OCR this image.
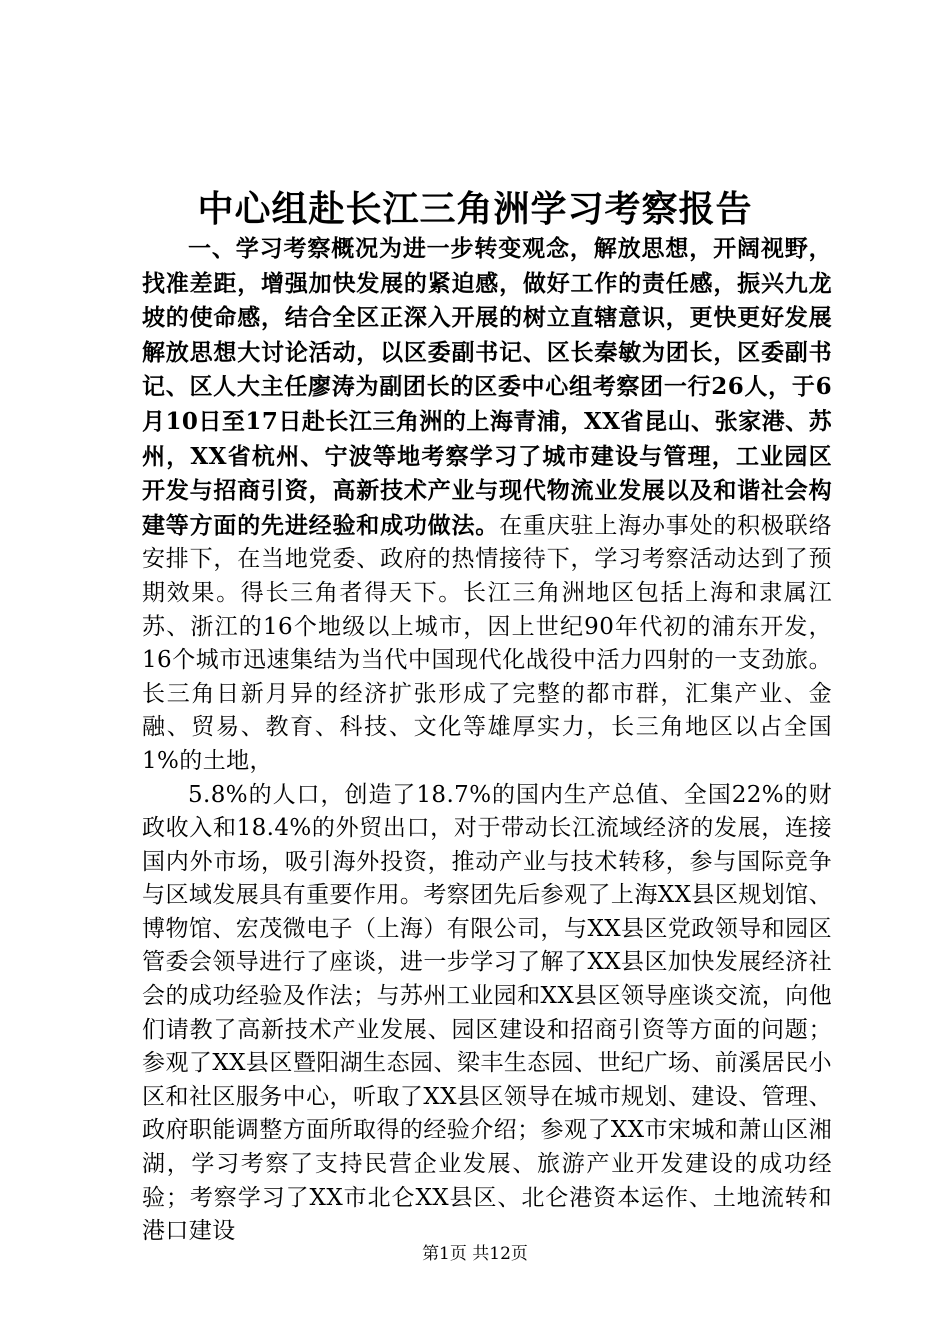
中心组赴长江三角洲学习考察报告

一、学习考察概况为进一步转变观念，解放思想，开阔视野，找准差距，增强加快发展的紧迫感，做好工作的责任感，振兴九龙坡的使命感，结合全区正深入开展的树立直辖意识，更快更好发展解放思想大讨论活动，以区委副书记、区长秦敏为团长，区委副书记、区人大主任廖涛为副团长的区委中心组考察团一行26人，于6月10日至17日赴长江三角洲的上海青浦，XX省昆山、张家港、苏州，XX省杭州、宁波等地考察学习了城市建设与管理，工业园区开发与招商引资，高新技术产业与现代物流业发展以及和谐社会构建等方面的先进经验和成功做法。在重庆驻上海办事处的积极联络安排下，在当地党委、政府的热情接待下，学习考察活动达到了预期效果。得长三角者得天下。长江三角洲地区包括上海和隶属江苏、浙江的16个地级以上城市，因上世纪90年代初的浦东开发，16个城市迅速集结为当代中国现代化战役中活力四射的一支劲旅。长三角日新月异的经济扩张形成了完整的都市群，汇集产业、金融、贸易、教育、科技、文化等雄厚实力，长三角地区以占全国1%的土地，

5.8%的人口，创造了18.7%的国内生产总值、全国22%的财政收入和18.4%的外贸出口，对于带动长江流域经济的发展，连接国内外市场，吸引海外投资，推动产业与技术转移，参与国际竞争与区域发展具有重要作用。考察团先后参观了上海XX县区规划馆、博物馆、宏茂微电子（上海）有限公司，与XX县区党政领导和园区管委会领导进行了座谈，进一步学习了解了XX县区加快发展经济社会的成功经验及作法；与苏州工业园和XX县区领导座谈交流，向他们请教了高新技术产业发展、园区建设和招商引资等方面的问题；参观了XX县区暨阳湖生态园、梁丰生态园、世纪广场、前溪居民小区和社区服务中心，听取了XX县区领导在城市规划、建设、管理、政府职能调整方面所取得的经验介绍；参观了XX市宋城和萧山区湘湖，学习考察了支持民营企业发展、旅游产业开发建设的成功经验；考察学习了XX市北仑XX县区、北仑港资本运作、土地流转和港口建设

第1页 共12页
